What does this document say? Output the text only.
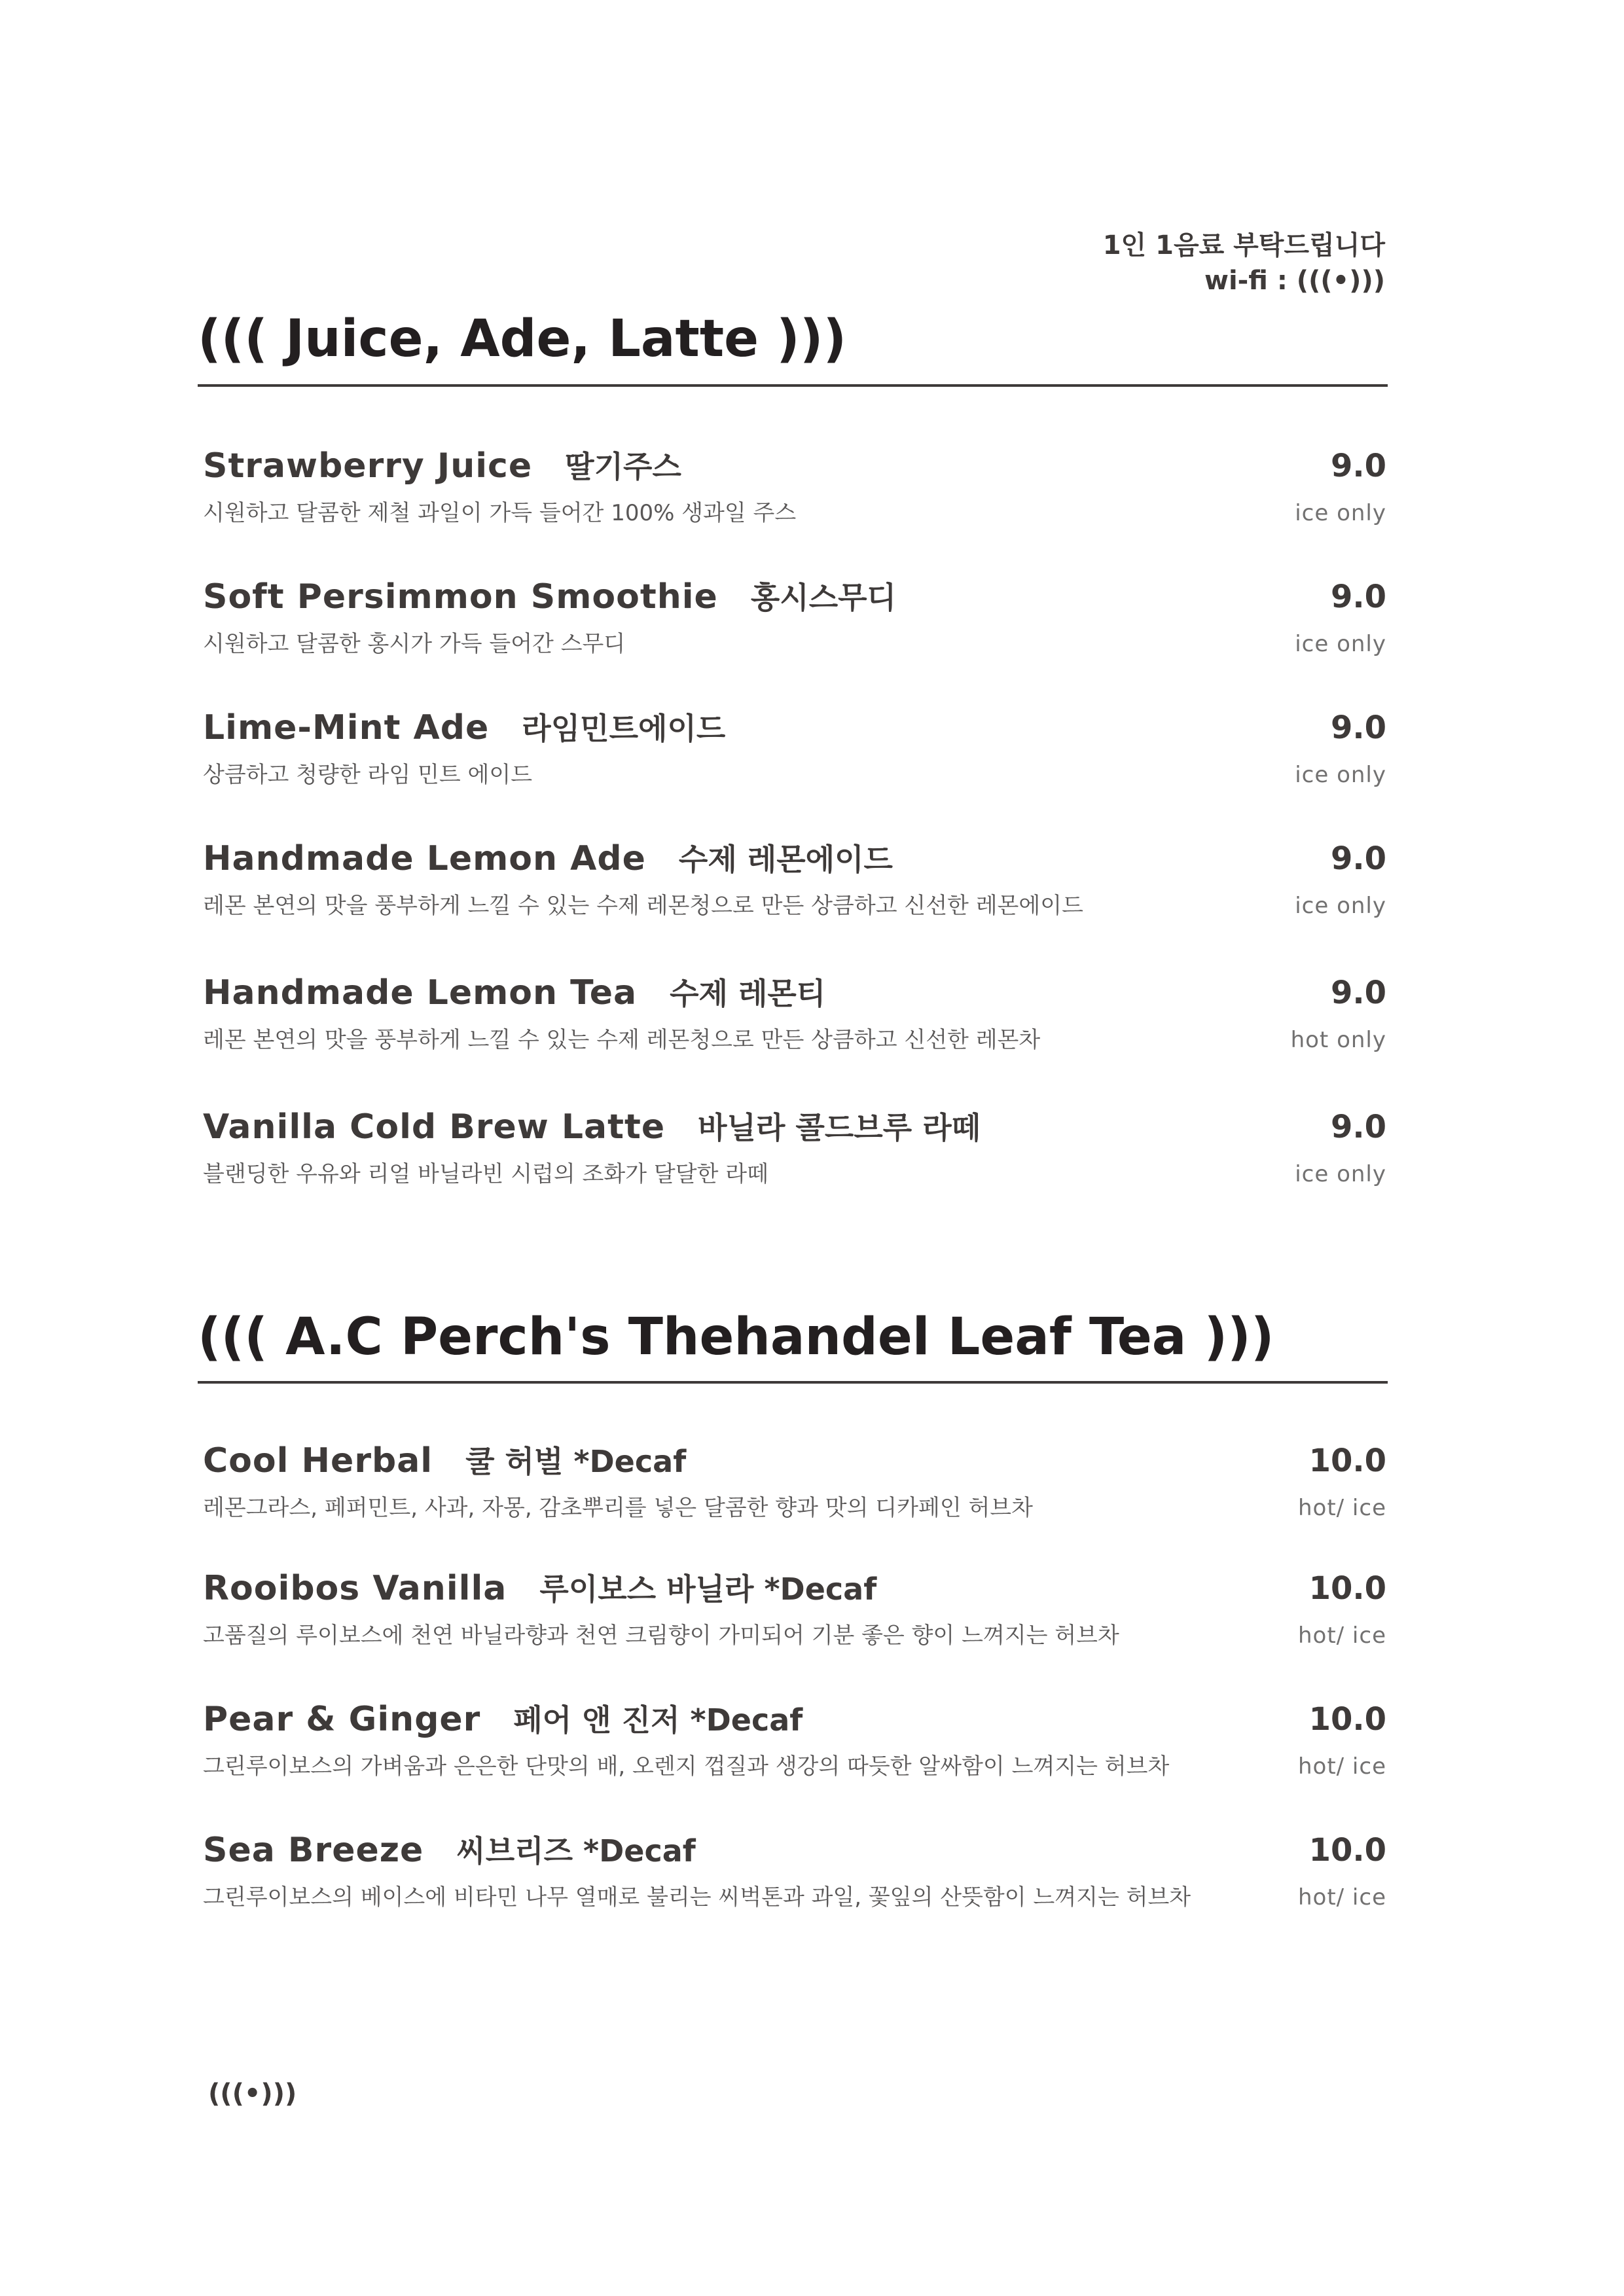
1인 1음료 부탁드립니다
wi-fi : (((•)))
((( Juice, Ade, Latte )))
Strawberry Juice 딸기주스
시원하고 달콤한 제철 과일이 가득 들어간 100% 생과일 주스
9.0
ice only
Soft Persimmon Smoothie 홍시스무디
시원하고 달콤한 홍시가 가득 들어간 스무디
9.0
ice only
Lime-Mint Ade 라임민트에이드
상큼하고 청량한 라임 민트 에이드
9.0
ice only
Handmade Lemon Ade 수제 레몬에이드
레몬 본연의 맛을 풍부하게 느낄 수 있는 수제 레몬청으로 만든 상큼하고 신선한 레몬에이드
9.0
ice only
Handmade Lemon Tea 수제 레몬티
레몬 본연의 맛을 풍부하게 느낄 수 있는 수제 레몬청으로 만든 상큼하고 신선한 레몬차
9.0
hot only
Vanilla Cold Brew Latte 바닐라 콜드브루 라떼
블랜딩한 우유와 리얼 바닐라빈 시럽의 조화가 달달한 라떼
9.0
ice only
((( A.C Perch's Thehandel Leaf Tea )))
Cool Herbal 쿨 허벌 *Decaf
레몬그라스, 페퍼민트, 사과, 자몽, 감초뿌리를 넣은 달콤한 향과 맛의 디카페인 허브차
10.0
hot/ ice
Rooibos Vanilla 루이보스 바닐라 *Decaf
고품질의 루이보스에 천연 바닐라향과 천연 크림향이 가미되어 기분 좋은 향이 느껴지는 허브차
10.0
hot/ ice
Pear & Ginger 페어 앤 진저 *Decaf
그린루이보스의 가벼움과 은은한 단맛의 배, 오렌지 껍질과 생강의 따듯한 알싸함이 느껴지는 허브차
10.0
hot/ ice
Sea Breeze 씨브리즈 *Decaf
그린루이보스의 베이스에 비타민 나무 열매로 불리는 씨벅톤과 과일, 꽃잎의 산뜻함이 느껴지는 허브차
10.0
hot/ ice
(((•)))
